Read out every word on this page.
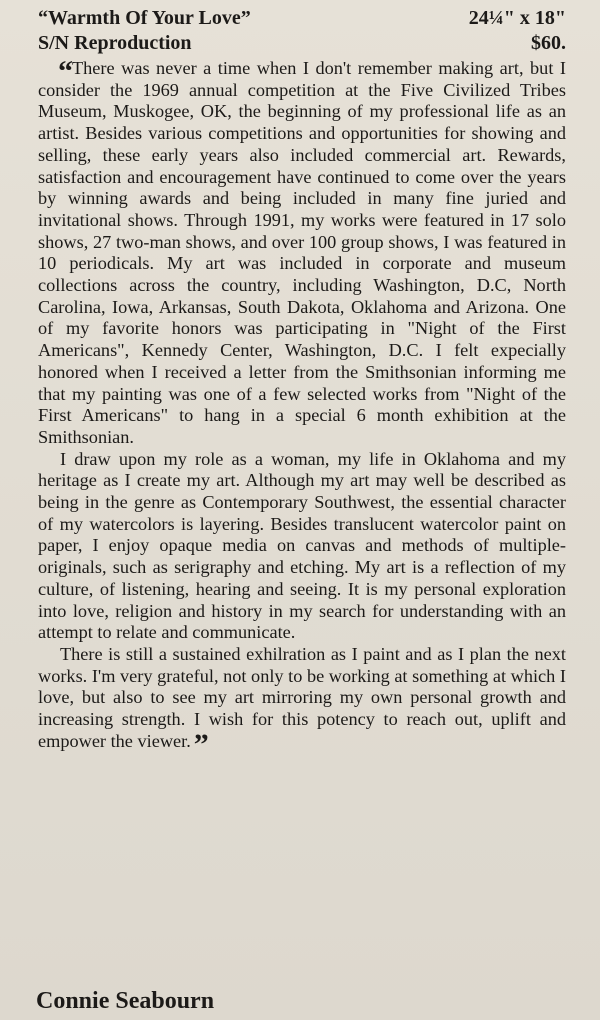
“Warmth Of Your Love”	24¼" x 18"
S/N Reproduction	$60.

“There was never a time when I don't remember making art, but I consider the 1969 annual competition at the Five Civilized Tribes Museum, Muskogee, OK, the beginning of my professional life as an artist. Besides various competitions and opportunities for showing and selling, these early years also included commercial art. Rewards, satisfaction and encouragement have continued to come over the years by winning awards and being included in many fine juried and invitational shows. Through 1991, my works were featured in 17 solo shows, 27 two-man shows, and over 100 group shows, I was featured in 10 periodicals. My art was included in corporate and museum collections across the country, including Washington, D.C, North Carolina, Iowa, Arkansas, South Dakota, Oklahoma and Arizona. One of my favorite honors was participating in "Night of the First Americans", Kennedy Center, Washington, D.C. I felt expecially honored when I received a letter from the Smithsonian informing me that my painting was one of a few selected works from "Night of the First Americans" to hang in a special 6 month exhibition at the Smithsonian.

I draw upon my role as a woman, my life in Oklahoma and my heritage as I create my art. Although my art may well be described as being in the genre as Contemporary Southwest, the essential character of my watercolors is layering. Besides translucent watercolor paint on paper, I enjoy opaque media on canvas and methods of multiple-originals, such as serigraphy and etching. My art is a reflection of my culture, of listening, hearing and seeing. It is my personal exploration into love, religion and history in my search for understanding with an attempt to relate and communicate.

There is still a sustained exhilration as I paint and as I plan the next works. I'm very grateful, not only to be working at something at which I love, but also to see my art mirroring my own personal growth and increasing strength. I wish for this potency to reach out, uplift and empower the viewer. ”

Connie Seabourn
